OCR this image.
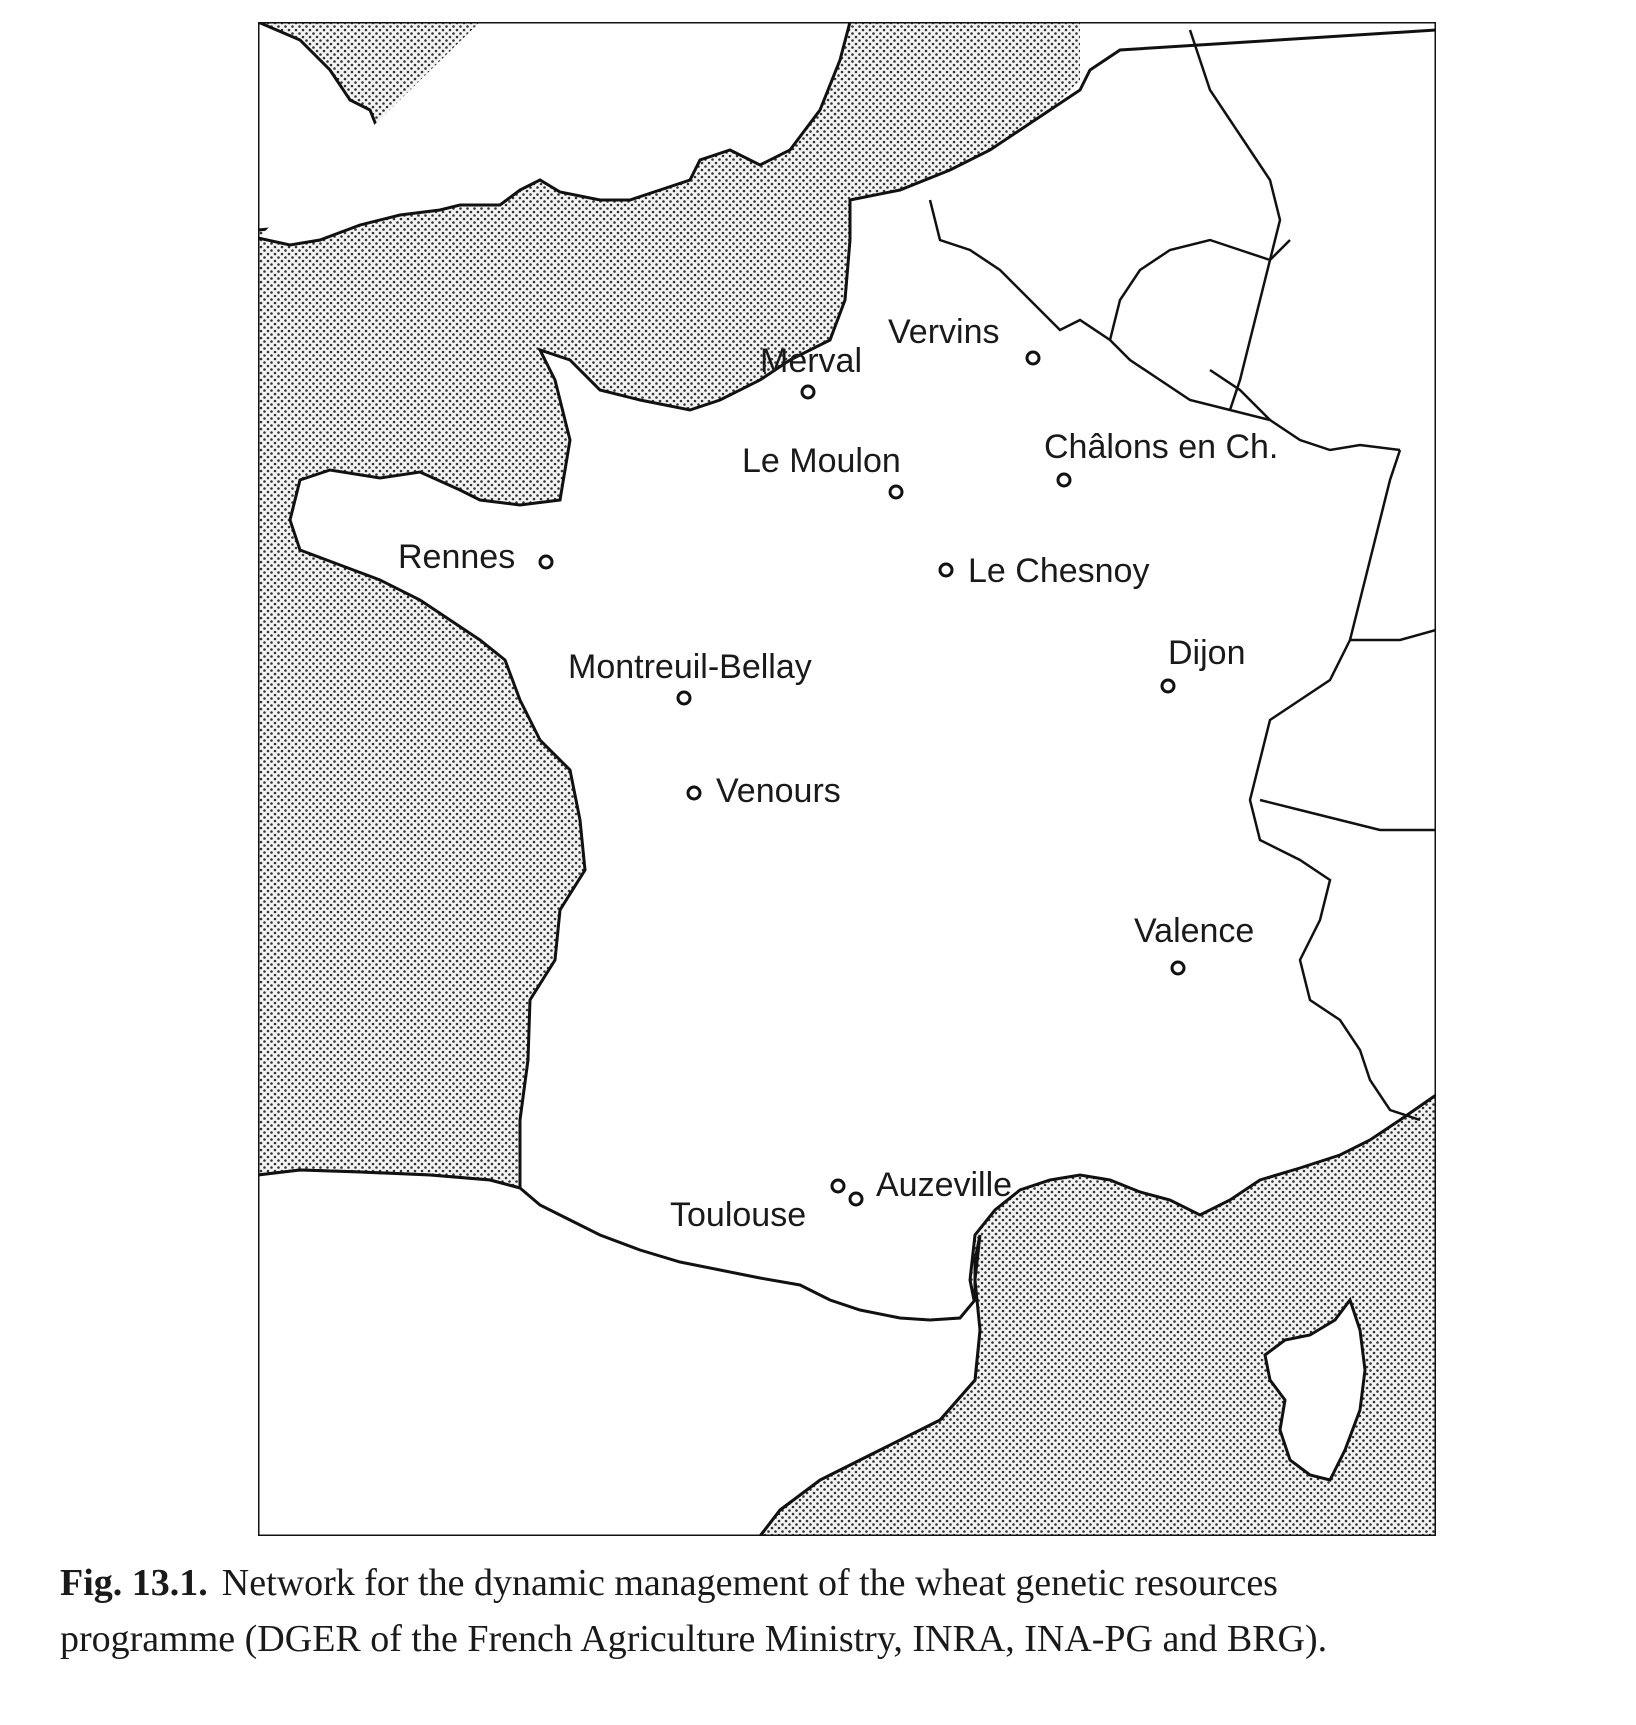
Vervins
Merval
Le Moulon	Châlons en Ch.
Rennes	Le Chesnoy
Dijon
Montreuil-Bellay
Venours
Valence
Auzeville
Toulouse
Fig. 13.1. Network for the dynamic management of the wheat genetic resources
programme (DGER of the French Agriculture Ministry, INRA, INA-PG and BRG).
